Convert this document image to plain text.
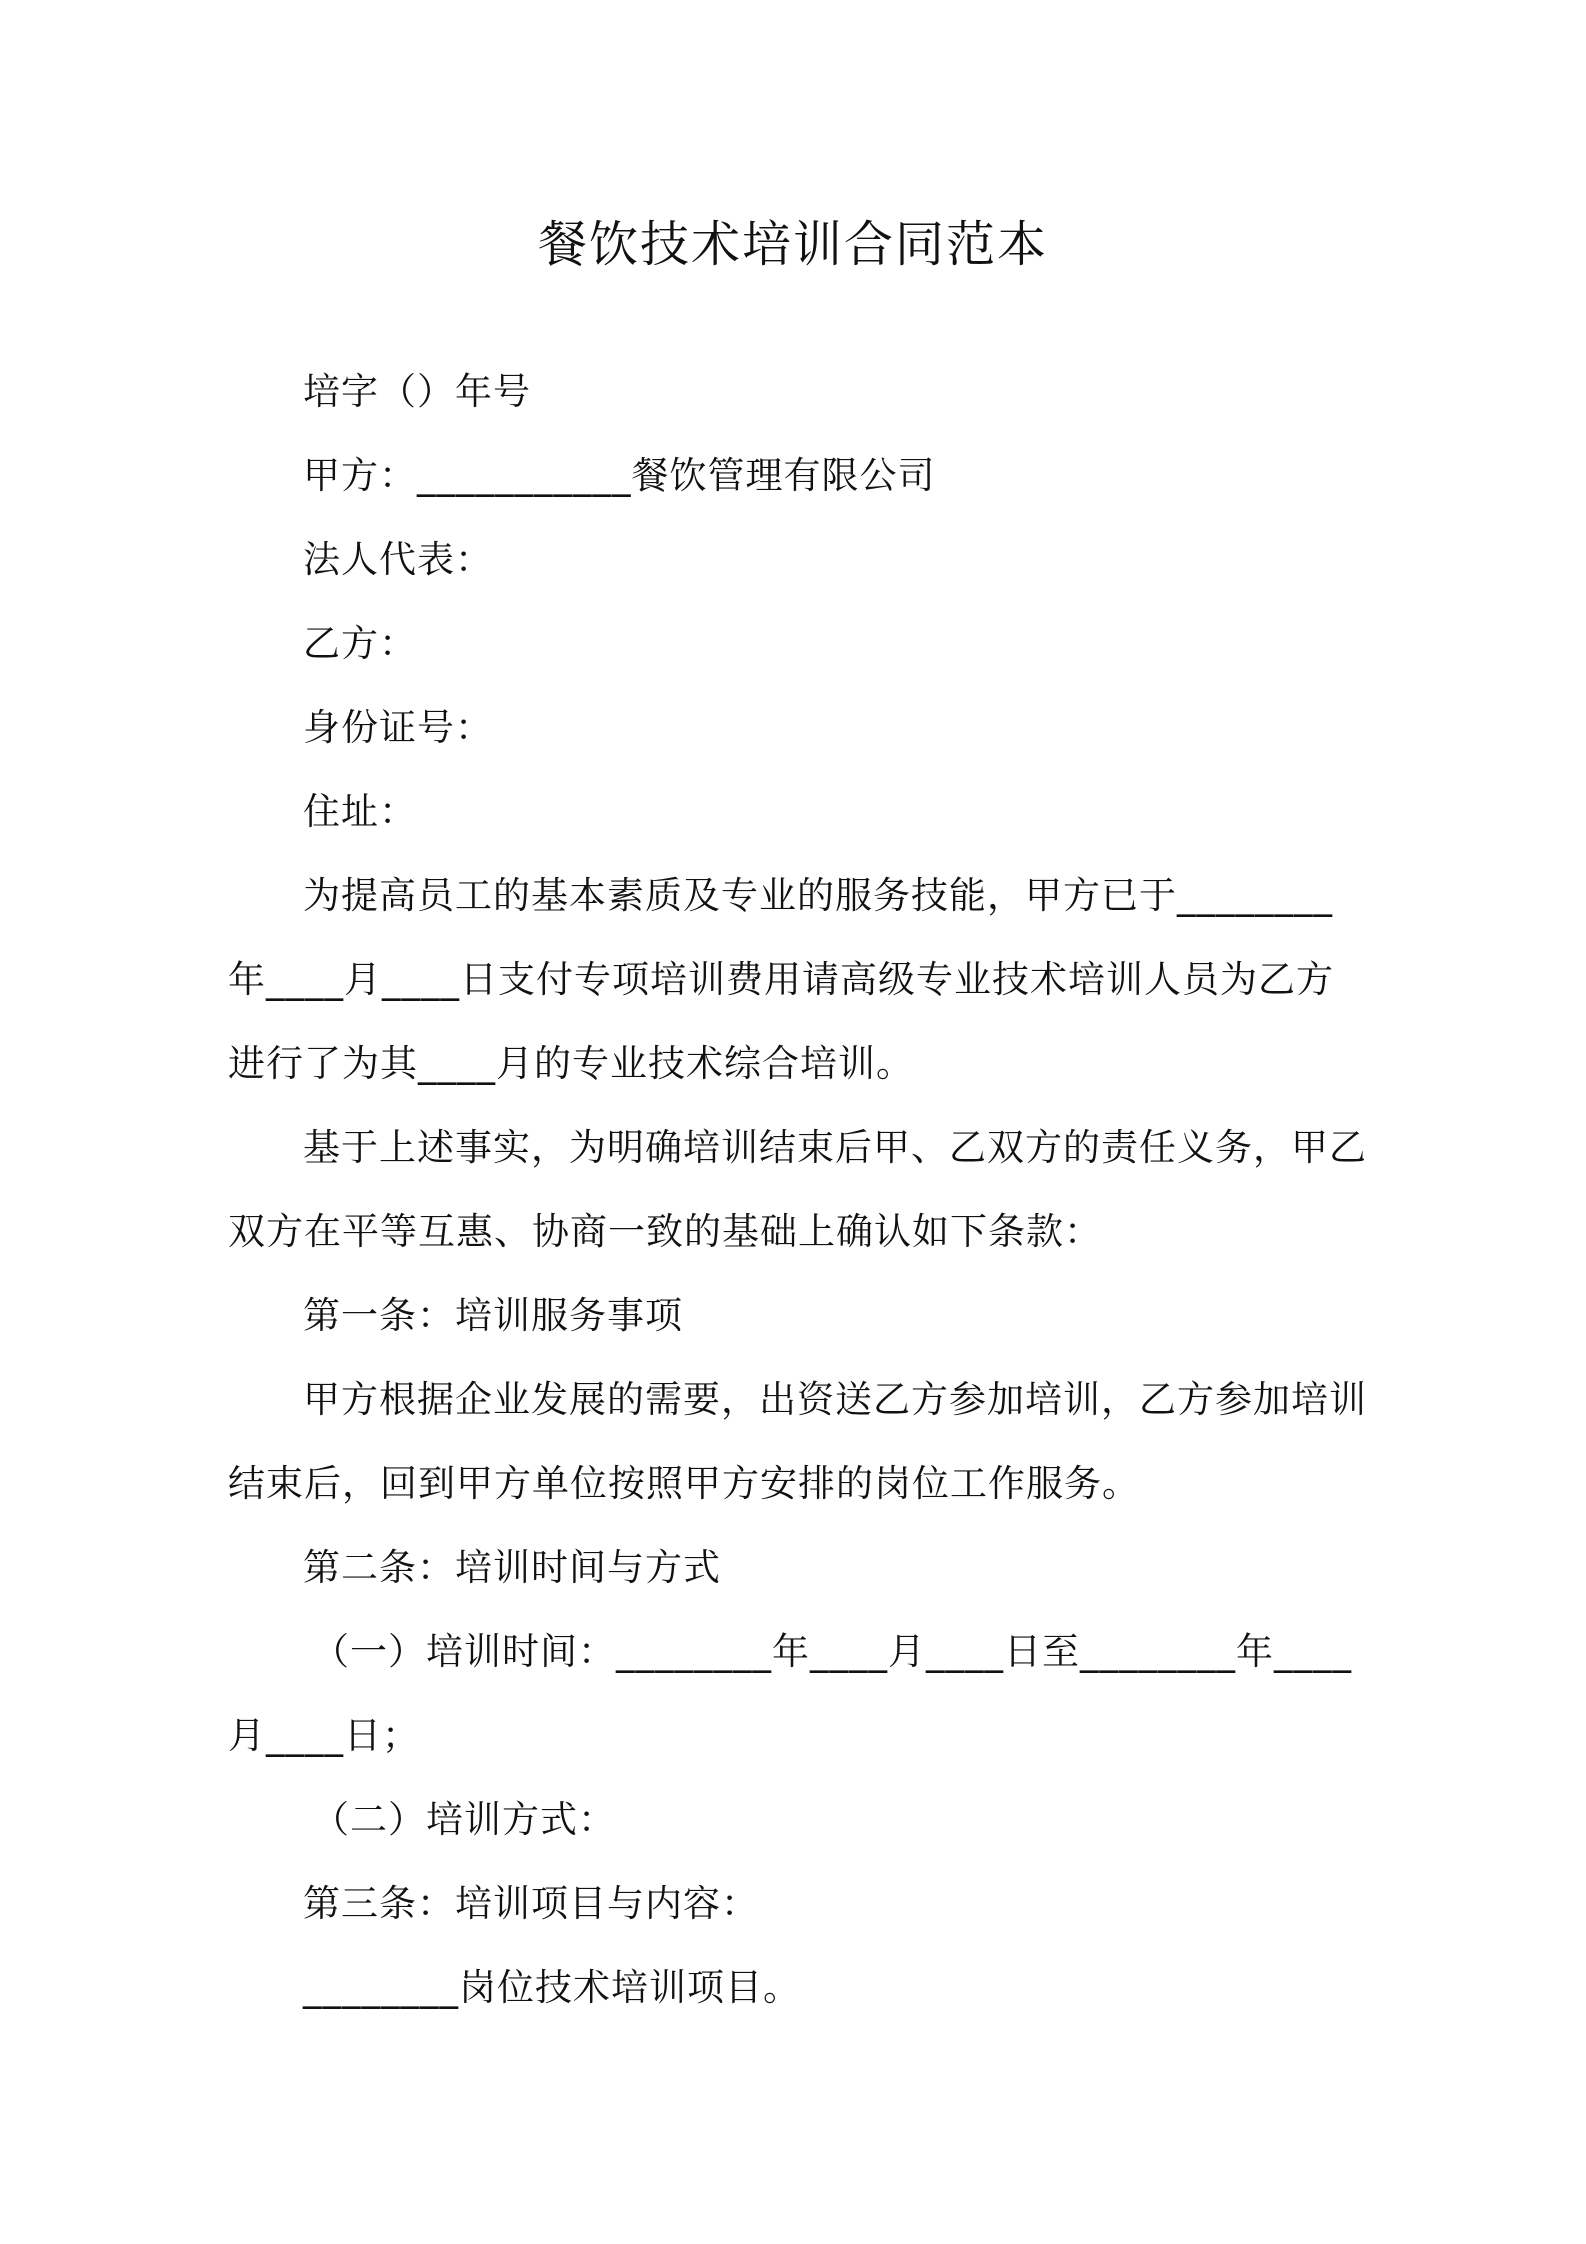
餐饮技术培训合同范本
培字（）年号
甲方：___________餐饮管理有限公司
法人代表：
乙方：
身份证号：
住址：
为提高员工的基本素质及专业的服务技能，甲方已于________
年____月____日支付专项培训费用请高级专业技术培训人员为乙方
进行了为其____月的专业技术综合培训。
基于上述事实，为明确培训结束后甲、乙双方的责任义务，甲乙
双方在平等互惠、协商一致的基础上确认如下条款：
第一条：培训服务事项
甲方根据企业发展的需要，出资送乙方参加培训，乙方参加培训
结束后，回到甲方单位按照甲方安排的岗位工作服务。
第二条：培训时间与方式
（一）培训时间：________年____月____日至________年____
月____日；
（二）培训方式：
第三条：培训项目与内容：
________岗位技术培训项目。
